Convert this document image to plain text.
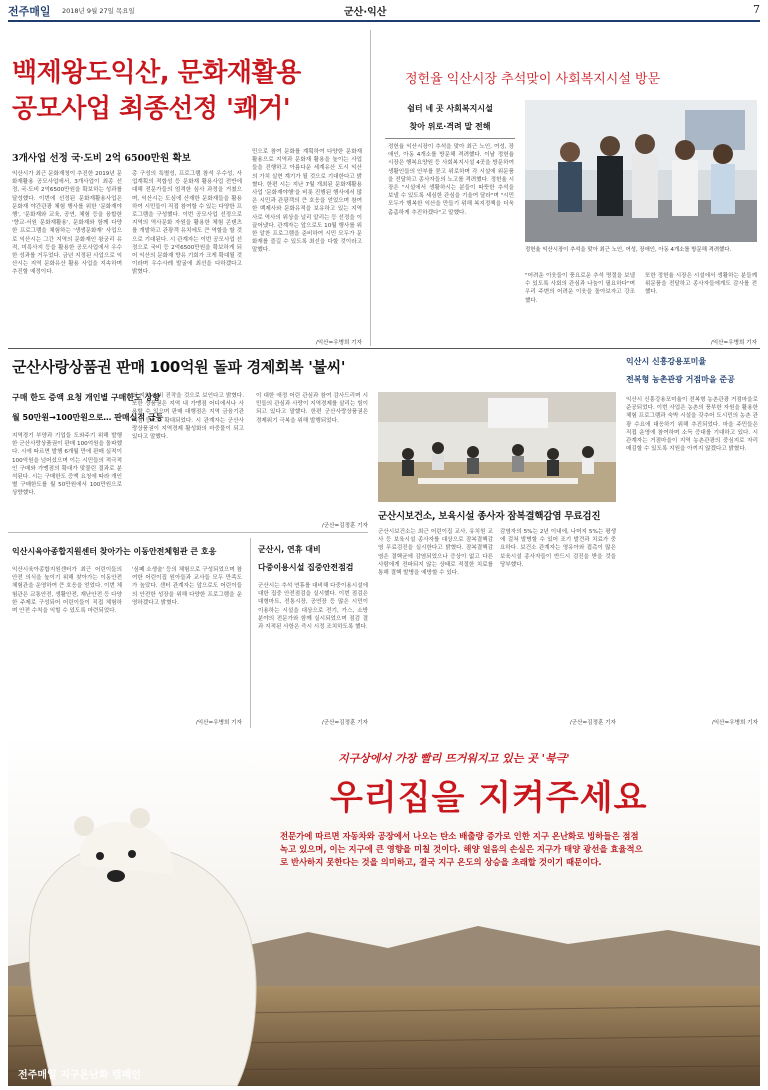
전주매일 2018년 9월 27일 목요일	군산·익산	7
백제왕도익산, 문화재활용
공모사업 최종선정 '쾌거'
3개사업 선정 국·도비 2억 6500만원 확보
익산시가 최근 문화재청이 추진한 2019년 문화재활용 공모사업에서, 3개사업이 최종 선정, 국·도비 2억6500만원을 확보하는 성과를 달성했다. 이번에 선정된 문화재활용사업은 문화재 야간관광 체험 행사를 위한 '문화재야행', '문화재와 교육, 공연, 체험 등을 융합한 '향교·서원 문화재활용', 문화재와 함께 다양한 프로그램을 체험하는 '생생문화재' 사업으로 익산시는 그간 지역의 문화재인 왕궁리 유적, 미륵사지 등을 활용한 공모사업에서 우수한 성과를 거두었다. 금년 지정된 사업으로 익산시는 지역 문화유산 활용 사업을 지속하며 추진할 예정이다.
총 구성의 특별성, 프로그램 참석 우수성, 사업계획의 적합성 등 문화재 활용사업 전반에 대해 전문가들의 엄격한 심사 과정을 거쳤으며, 익산시는 도심에 산재한 문화재들을 활용하여 시민들이 직접 참여할 수 있는 다양한 프로그램을 구성했다. 이번 공모사업 선정으로 지역의 역사문화 자원을 활용한 체험 콘텐츠를 개발하고 관광객 유치에도 큰 역할을 할 것으로 기대된다. 시 관계자는 이번 공모사업 선정으로 국비 등 2억6500만원을 확보하게 되어 익산의 문화재 향유 기회가 크게 확대될 것이라며 우수사례 발굴에 최선을 다하겠다고 밝혔다.
민으로 참여 문화를 계획하여 다양한 문화재 활용으로 지역과 문화재 활용을 높이는 사업들을 진행하고 아름다운 세계유산 도시 익산의 가치 실현 계기가 될 것으로 기대한다고 밝혔다. 한편 시는 지난 7월 개최된 문화재활용사업 '문화재야행'을 비롯 진행된 행사에서 많은 시민과 관광객의 큰 호응을 얻었으며 참여한 백제사와 문화유적을 보유하고 있는 지역사로 역사의 위상을 널리 알리는 등 선정을 이끌어냈다. 관계자는 앞으로도 10월 행사를 위한 알찬 프로그램을 준비하여 시민 모두가 문화재를 즐길 수 있도록 최선을 다할 것이라고 말했다.
/익산=우병희 기자
정헌율 익산시장 추석맞이 사회복지시설 방문
쉼터 네 곳 사회복지시설
찾아 위로·격려 말 전해
정헌율 익산시장이 추석을 맞아 최근 노인, 여성, 장애인, 아동 4개소를 방문해 격려했다. 이날 정헌율 시장은 행복요양원 등 사회복지시설 4곳을 방문하여 생활인들의 안부를 묻고 위로하며 각 시설에 위문품을 전달하고 종사자들의 노고를 격려했다. 정헌율 시장은 "시설에서 생활하시는 분들이 따뜻한 추석을 보낼 수 있도록 세심한 관심을 기울여 달라"며 "시민 모두가 행복한 익산을 만들기 위해 복지정책을 더욱 촘촘하게 추진하겠다"고 말했다.
정헌율 익산시장이 추석을 맞아 최근 노인, 여성, 장애인, 아동 4개소를 방문해 격려했다.
"어려운 이웃들이 풍요로운 추석 명절을 보낼 수 있도록 사회의 관심과 나눔이 필요하다"며 우리 주변의 어려운 이웃을 돌아보자고 강조했다.
또한 정헌율 시장은 시설에서 생활하는 분들께 위문품을 전달하고 종사자들에게도 감사를 전했다.
/익산=우병희 기자
군산사랑상품권 판매 100억원 돌파 경제회복 '불씨'
구매 한도 증액 요청 개인별 구매한도 상향
월 50만원→100만원으로… 판매실적 급등
지역경기 부양과 기업들 도와주기 위해 발행한 군산사랑상품권이 판매 100억원을 돌파했다. 시에 따르면 발행 6개월 만에 판매 실적이 100억원을 넘어섰으며 이는 시민들의 적극적인 구매와 가맹점의 확대가 맞물린 결과로 분석된다. 시는 구매한도 증액 요청에 따라 개인별 구매한도를 월 50만원에서 100만원으로 상향했다.
의 지역 소비 진작을 것으로 보인다고 밝혔다. 또한 상품권은 지역 내 가맹점 어디에서나 사용할 수 있으며 판매 대행점은 지역 금융기관 지점 등으로 확대되었다. 시 관계자는 군산사랑상품권이 지역경제 활성화의 마중물이 되고 있다고 말했다.
이 대한 애정 어린 관심과 참여 감사드리며 시민들의 관심과 사랑이 지역경제를 살리는 힘이 되고 있다고 말했다. 한편 군산사랑상품권은 경제위기 극복을 위해 발행되었다.
/군산=김정훈 기자
익산시 신흥강용포미율
전복형 농촌관광 거점마을 준공
익산시 신흥강용포미율이 전복형 농촌관광 거점마을로 준공되었다. 이번 사업은 농촌의 풍부한 자원을 활용한 체험 프로그램과 숙박 시설을 갖추어 도시민의 농촌 관광 수요에 대응하기 위해 추진되었다. 마을 주민들은 직접 운영에 참여하며 소득 증대를 기대하고 있다. 시 관계자는 거점마을이 지역 농촌관광의 중심지로 자리매김할 수 있도록 지원을 아끼지 않겠다고 밝혔다.
/익산=우병희 기자
군산시보건소, 보육시설 종사자 잠복결핵감염 무료검진
군산시보건소는 최근 어린이집 교사, 유치원 교사 등 보육시설 종사자를 대상으로 잠복결핵감염 무료검진을 실시한다고 밝혔다. 잠복결핵감염은 결핵균에 감염되었으나 증상이 없고 다른 사람에게 전파되지 않는 상태로 적절한 치료를 통해 결핵 발병을 예방할 수 있다.
감염자의 5%는 2년 이내에, 나머지 5%는 평생에 걸쳐 발병할 수 있어 조기 발견과 치료가 중요하다. 보건소 관계자는 영유아와 접촉이 많은 보육시설 종사자들이 반드시 검진을 받을 것을 당부했다.
/군산=김정훈 기자
익산시육아종합지원센터 찾아가는 이동안전체험관 큰 호응
익산시육아종합지원센터가 최근 어린이들의 안전 의식을 높이기 위해 찾아가는 이동안전체험관을 운영하여 큰 호응을 얻었다. 이번 체험관은 교통안전, 생활안전, 재난안전 등 다양한 주제로 구성되어 어린이들이 직접 체험하며 안전 수칙을 익힐 수 있도록 마련되었다.
'심폐 소생술' 등의 체험으로 구성되었으며 참여한 어린이집 원아들과 교사들 모두 만족도가 높았다. 센터 관계자는 앞으로도 어린이들의 안전한 성장을 위해 다양한 프로그램을 운영하겠다고 밝혔다.
/익산=우병희 기자
군산시, 연휴 대비
다중이용시설 집중안전점검
군산시는 추석 연휴를 대비해 다중이용시설에 대한 집중 안전점검을 실시했다. 이번 점검은 대형마트, 전통시장, 공연장 등 많은 시민이 이용하는 시설을 대상으로 전기, 가스, 소방 분야의 전문가와 함께 실시되었으며 점검 결과 지적된 사항은 즉시 시정 조치하도록 했다.
/군산=김정훈 기자
지구상에서 가장 빨리 뜨거워지고 있는 곳 '북극'
우리집을 지켜주세요
전문가에 따르면 자동차와 공장에서 나오는 탄소 배출량 증가로 인한 지구 온난화로 빙하들은 점점
녹고 있으며, 이는 지구에 큰 영향을 미칠 것이다. 해양 얼음의 손실은 지구가 태양 광선을 효율적으
로 반사하지 못한다는 것을 의미하고, 결국 지구 온도의 상승을 초래할 것이기 때문이다.
전주매일 지구온난화 캠페인
